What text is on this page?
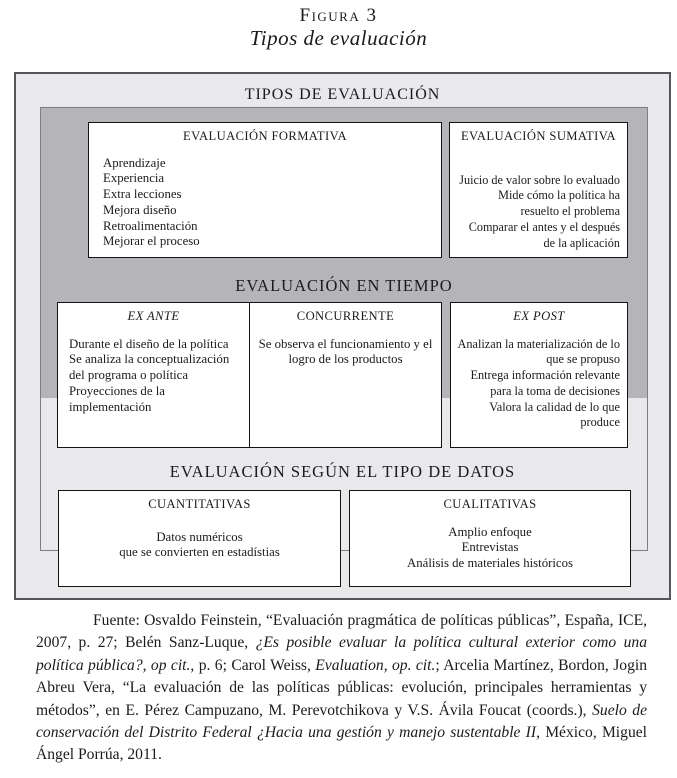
Figura 3
Tipos de evaluación
TIPOS DE EVALUACIÓN
EVALUACIÓN FORMATIVA
Aprendizaje
Experiencia
Extra lecciones
Mejora diseño
Retroalimentación
Mejorar el proceso
EVALUACIÓN SUMATIVA
Juicio de valor sobre lo evaluado
Mide cómo la política ha resuelto el problema
Comparar el antes y el después de la aplicación
EVALUACIÓN EN TIEMPO
EX ANTE
Durante el diseño de la política
Se analiza la conceptualización del programa o política
Proyecciones de la implementación
CONCURRENTE
Se observa el funcionamiento y el logro de los productos
EX POST
Analizan la materialización de lo que se propuso
Entrega información relevante para la toma de decisiones
Valora la calidad de lo que produce
EVALUACIÓN SEGÚN EL TIPO DE DATOS
CUANTITATIVAS
Datos numéricos
que se convierten en estadístias
CUALITATIVAS
Amplio enfoque
Entrevistas
Análisis de materiales históricos
Fuente: Osvaldo Feinstein, “Evaluación pragmática de políticas públicas”, España, ICE, 2007, p. 27; Belén Sanz-Luque, ¿Es posible evaluar la política cultural exterior como una política pública?, op cit., p. 6; Carol Weiss, Evaluation, op. cit.; Arcelia Martínez, Bordon, Jogin Abreu Vera, “La evaluación de las políticas públicas: evolución, principales herramientas y métodos”, en E. Pérez Campuzano, M. Perevotchikova y V.S. Ávila Foucat (coords.), Suelo de conservación del Distrito Federal ¿Hacia una gestión y manejo sustentable II, México, Miguel Ángel Porrúa, 2011.
